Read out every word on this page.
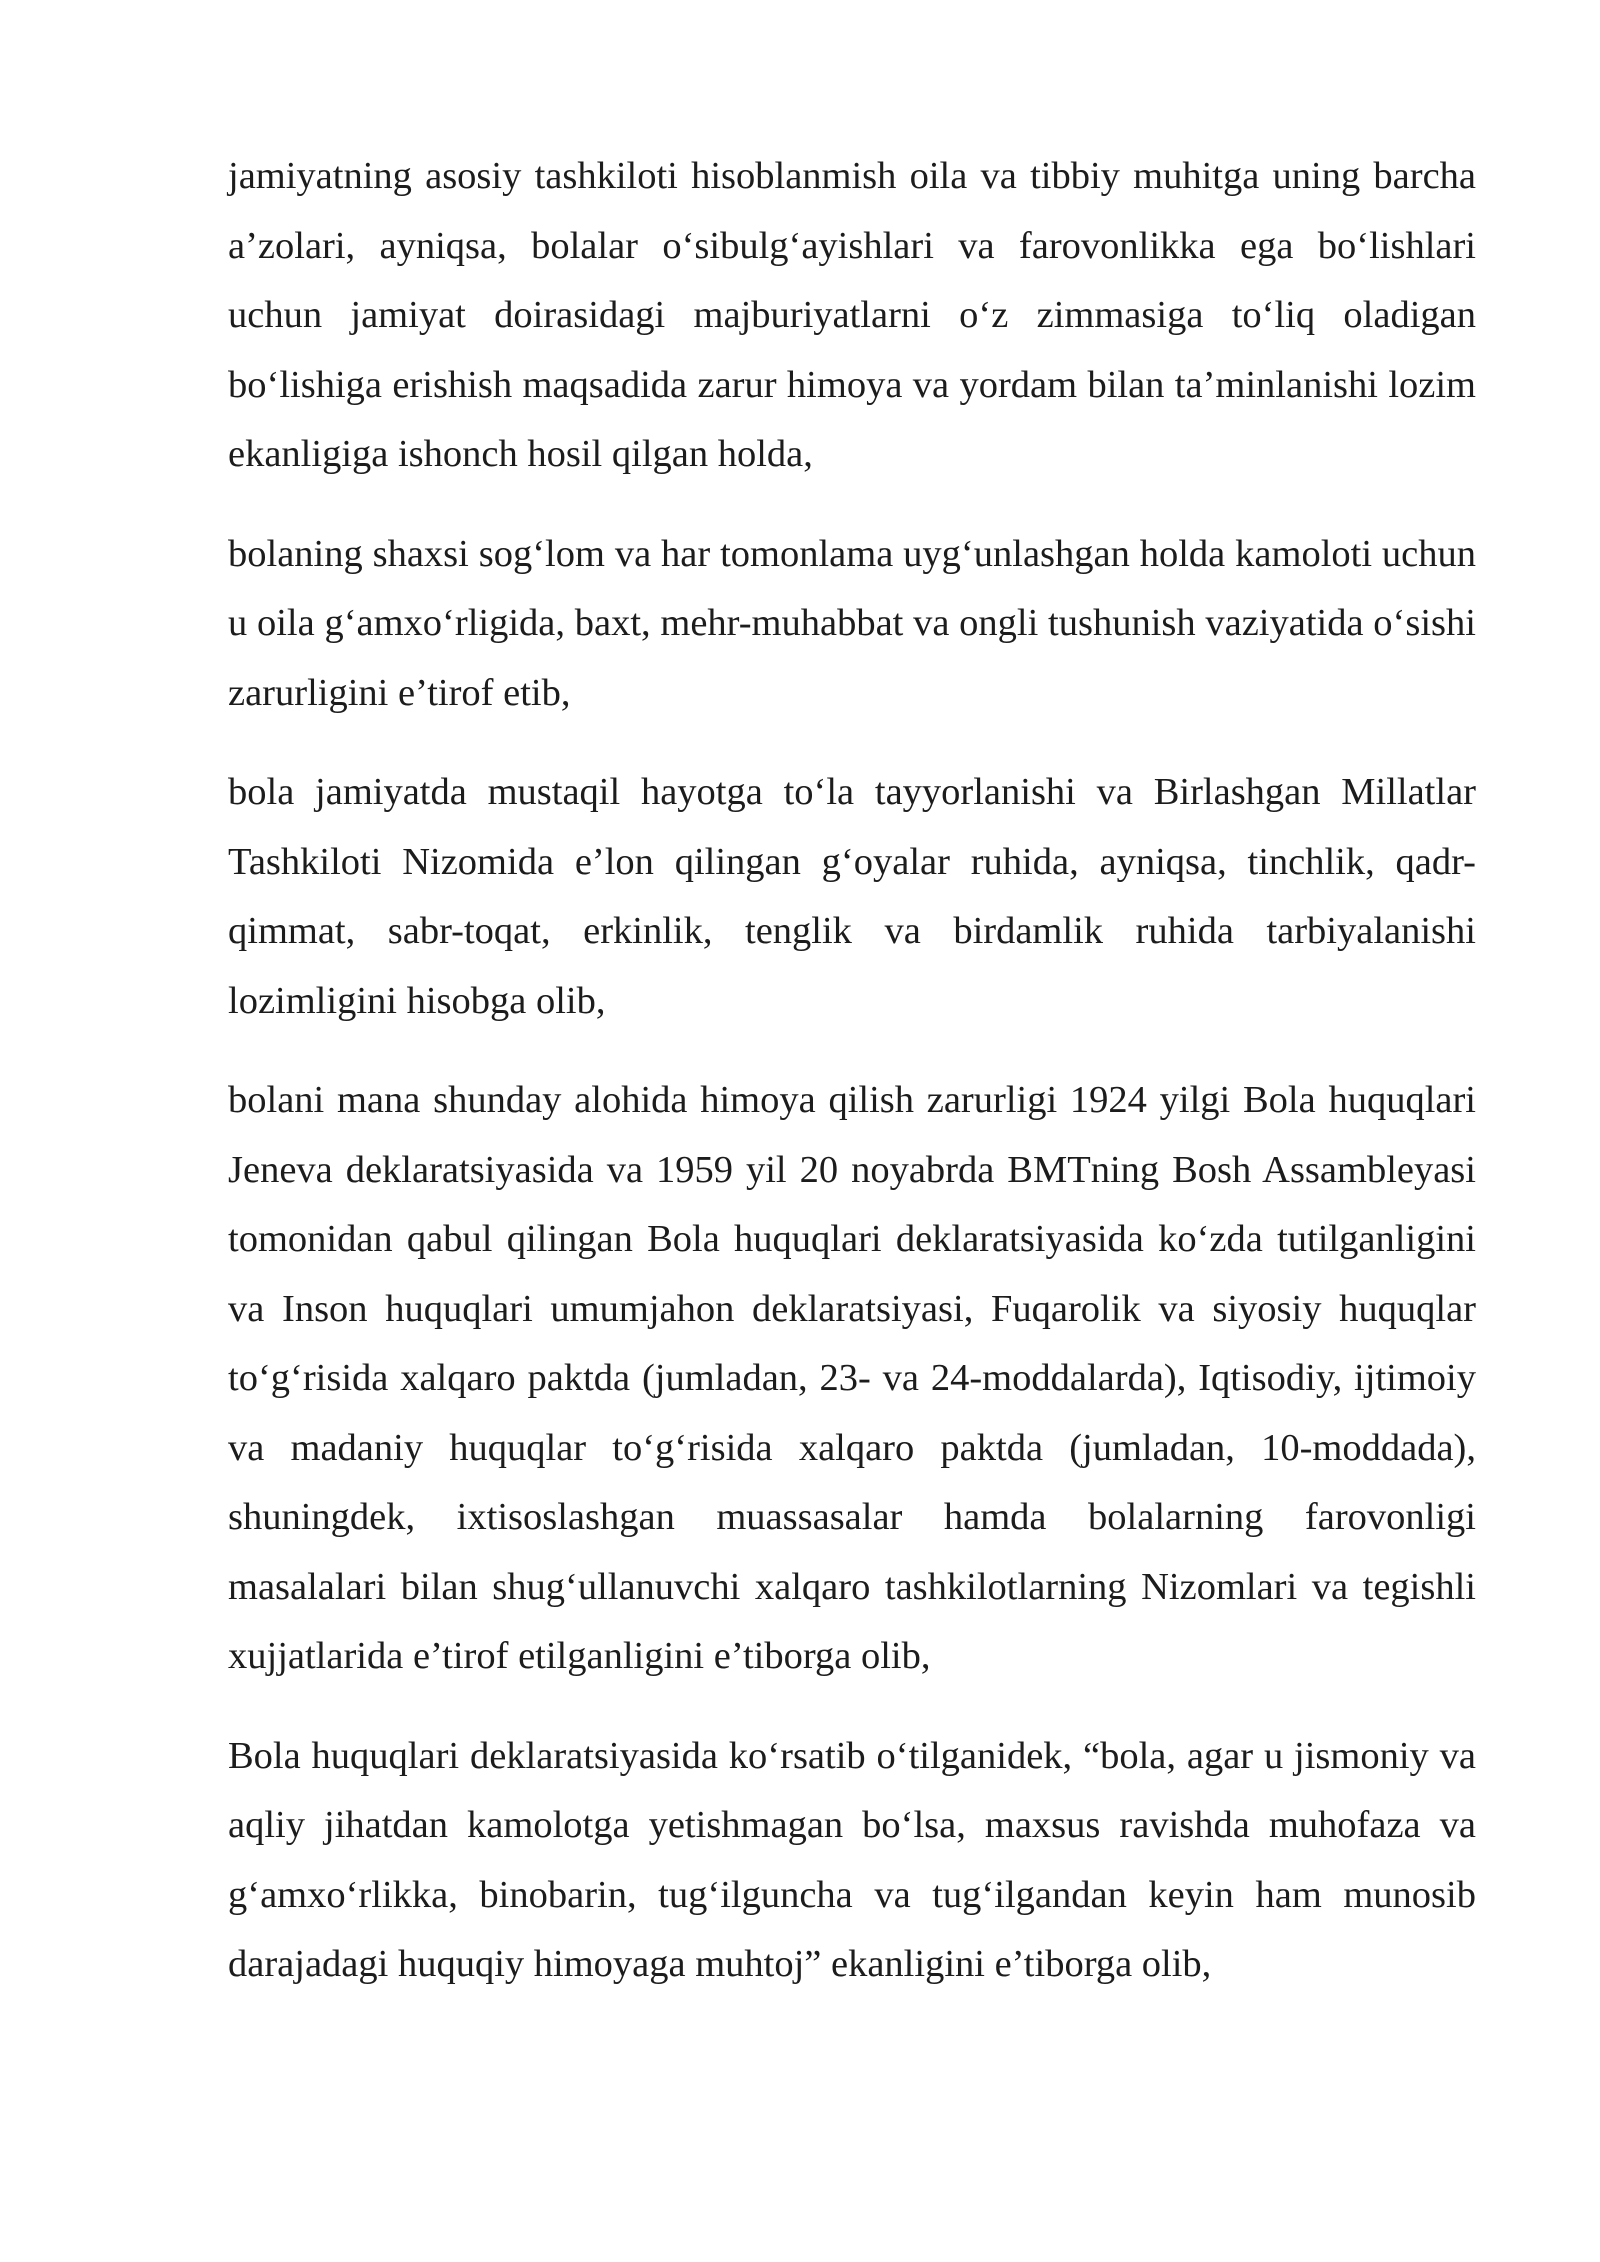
jamiyatning asosiy tashkiloti hisoblanmish oila va tibbiy muhitga uning barcha a’zolari, ayniqsa, bolalar o‘sibulg‘ayishlari va farovonlikka ega bo‘lishlari uchun jamiyat doirasidagi majburiyatlarni o‘z zimmasiga to‘liq oladigan bo‘lishiga erishish maqsadida zarur himoya va yordam bilan ta’minlanishi lozim ekanligiga ishonch hosil qilgan holda,

bolaning shaxsi sog‘lom va har tomonlama uyg‘unlashgan holda kamoloti uchun u oila g‘amxo‘rligida, baxt, mehr-muhabbat va ongli tushunish vaziyatida o‘sishi zarurligini e’tirof etib,

bola jamiyatda mustaqil hayotga to‘la tayyorlanishi va Birlashgan Millatlar Tashkiloti Nizomida e’lon qilingan g‘oyalar ruhida, ayniqsa, tinchlik, qadr-qimmat, sabr-toqat, erkinlik, tenglik va birdamlik ruhida tarbiyalanishi lozimligini hisobga olib,

bolani mana shunday alohida himoya qilish zarurligi 1924 yilgi Bola huquqlari Jeneva deklaratsiyasida va 1959 yil 20 noyabrda BMTning Bosh Assambleyasi tomonidan qabul qilingan Bola huquqlari deklaratsiyasida ko‘zda tutilganligini va Inson huquqlari umumjahon deklaratsiyasi, Fuqarolik va siyosiy huquqlar to‘g‘risida xalqaro paktda (jumladan, 23- va 24-moddalarda), Iqtisodiy, ijtimoiy va madaniy huquqlar to‘g‘risida xalqaro paktda (jumladan, 10-moddada), shuningdek, ixtisoslashgan muassasalar hamda bolalarning farovonligi masalalari bilan shug‘ullanuvchi xalqaro tashkilotlarning Nizomlari va tegishli xujjatlarida e’tirof etilganligini e’tiborga olib,

Bola huquqlari deklaratsiyasida ko‘rsatib o‘tilganidek, “bola, agar u jismoniy va aqliy jihatdan kamolotga yetishmagan bo‘lsa, maxsus ravishda muhofaza va g‘amxo‘rlikka, binobarin, tug‘ilguncha va tug‘ilgandan keyin ham munosib darajadagi huquqiy himoyaga muhtoj” ekanligini e’tiborga olib,
